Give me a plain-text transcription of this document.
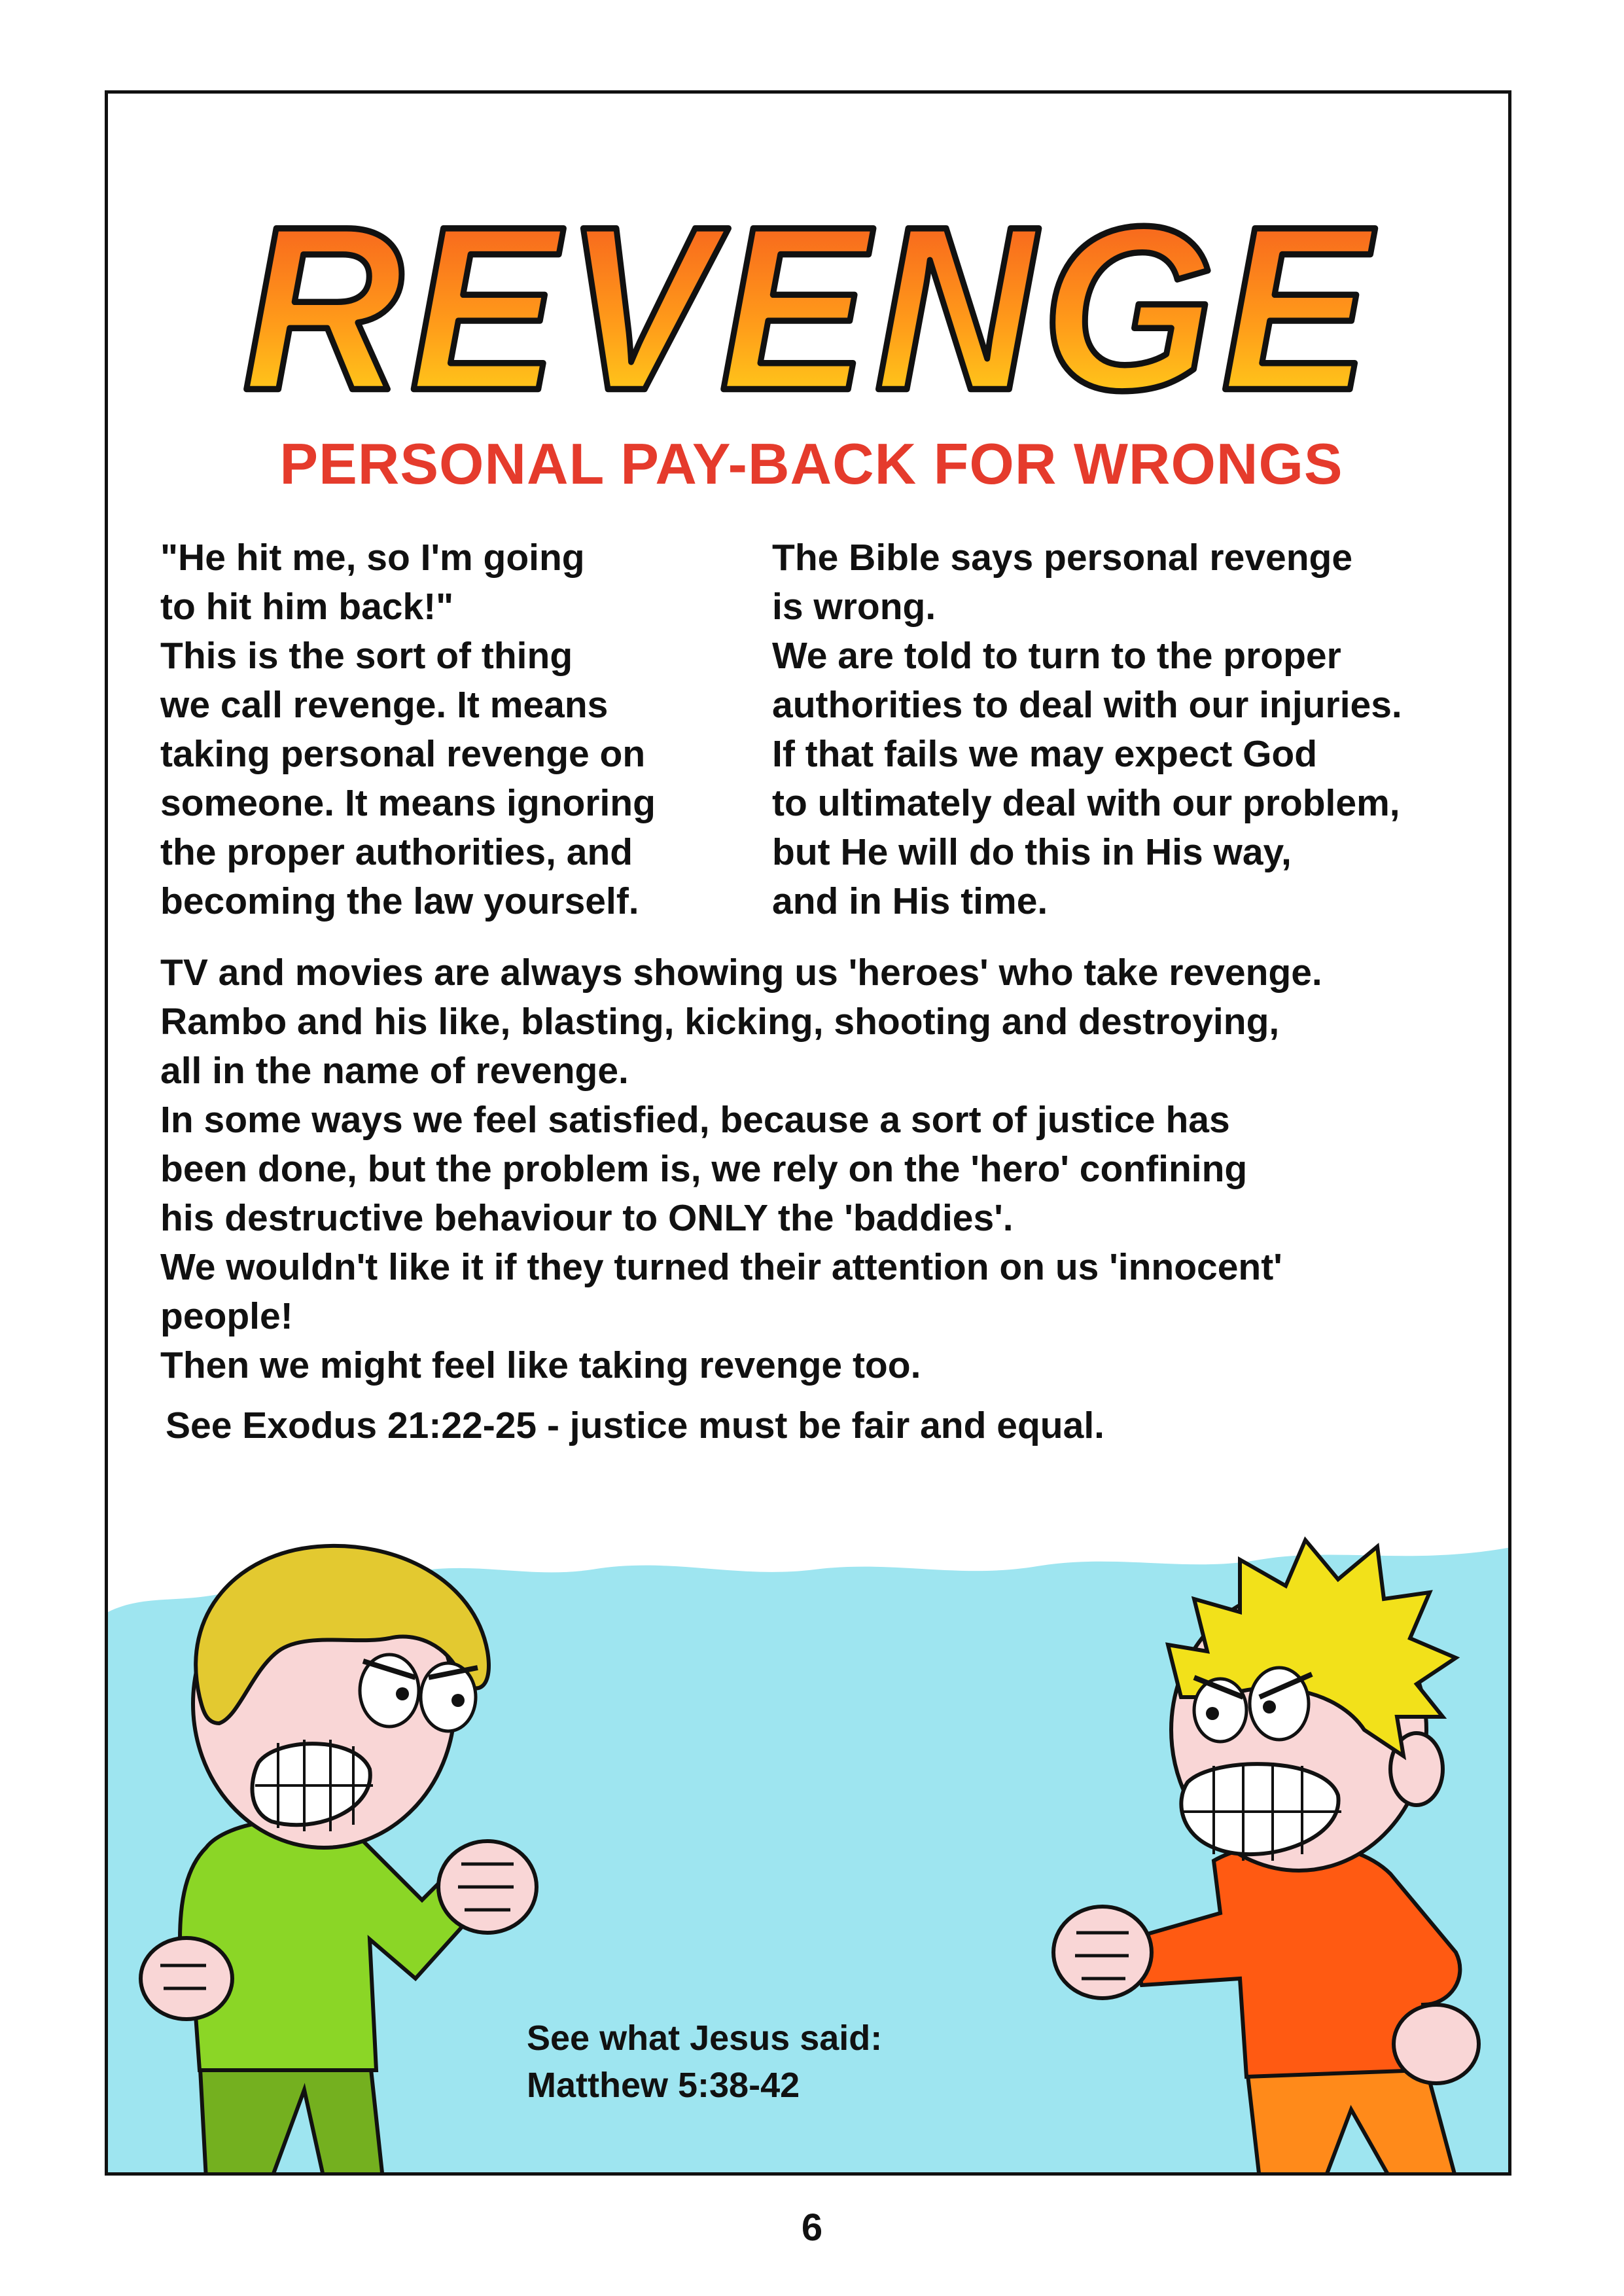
REVENGE
PERSONAL PAY-BACK FOR WRONGS
"He hit me, so I'm going
to hit him back!"
This is the sort of thing
we call revenge. It means
taking personal revenge on
someone. It means ignoring
the proper authorities, and
becoming the law yourself.
The Bible says personal revenge
is wrong.
We are told to turn to the proper
authorities to deal with our injuries.
If that fails we may expect God
to ultimately deal with our problem,
but He will do this in His way,
and in His time.
TV and movies are always showing us 'heroes' who take revenge.
Rambo and his like, blasting, kicking, shooting and destroying,
all in the name of revenge.
In some ways we feel satisfied, because a sort of justice has
been done, but the problem is, we rely on the 'hero' confining
his destructive behaviour to ONLY the 'baddies'.
We wouldn't like it if they turned their attention on us 'innocent'
people!
Then we might feel like taking revenge too.
See Exodus 21:22-25 - justice must be fair and equal.
See what Jesus said:
Matthew 5:38-42
6
